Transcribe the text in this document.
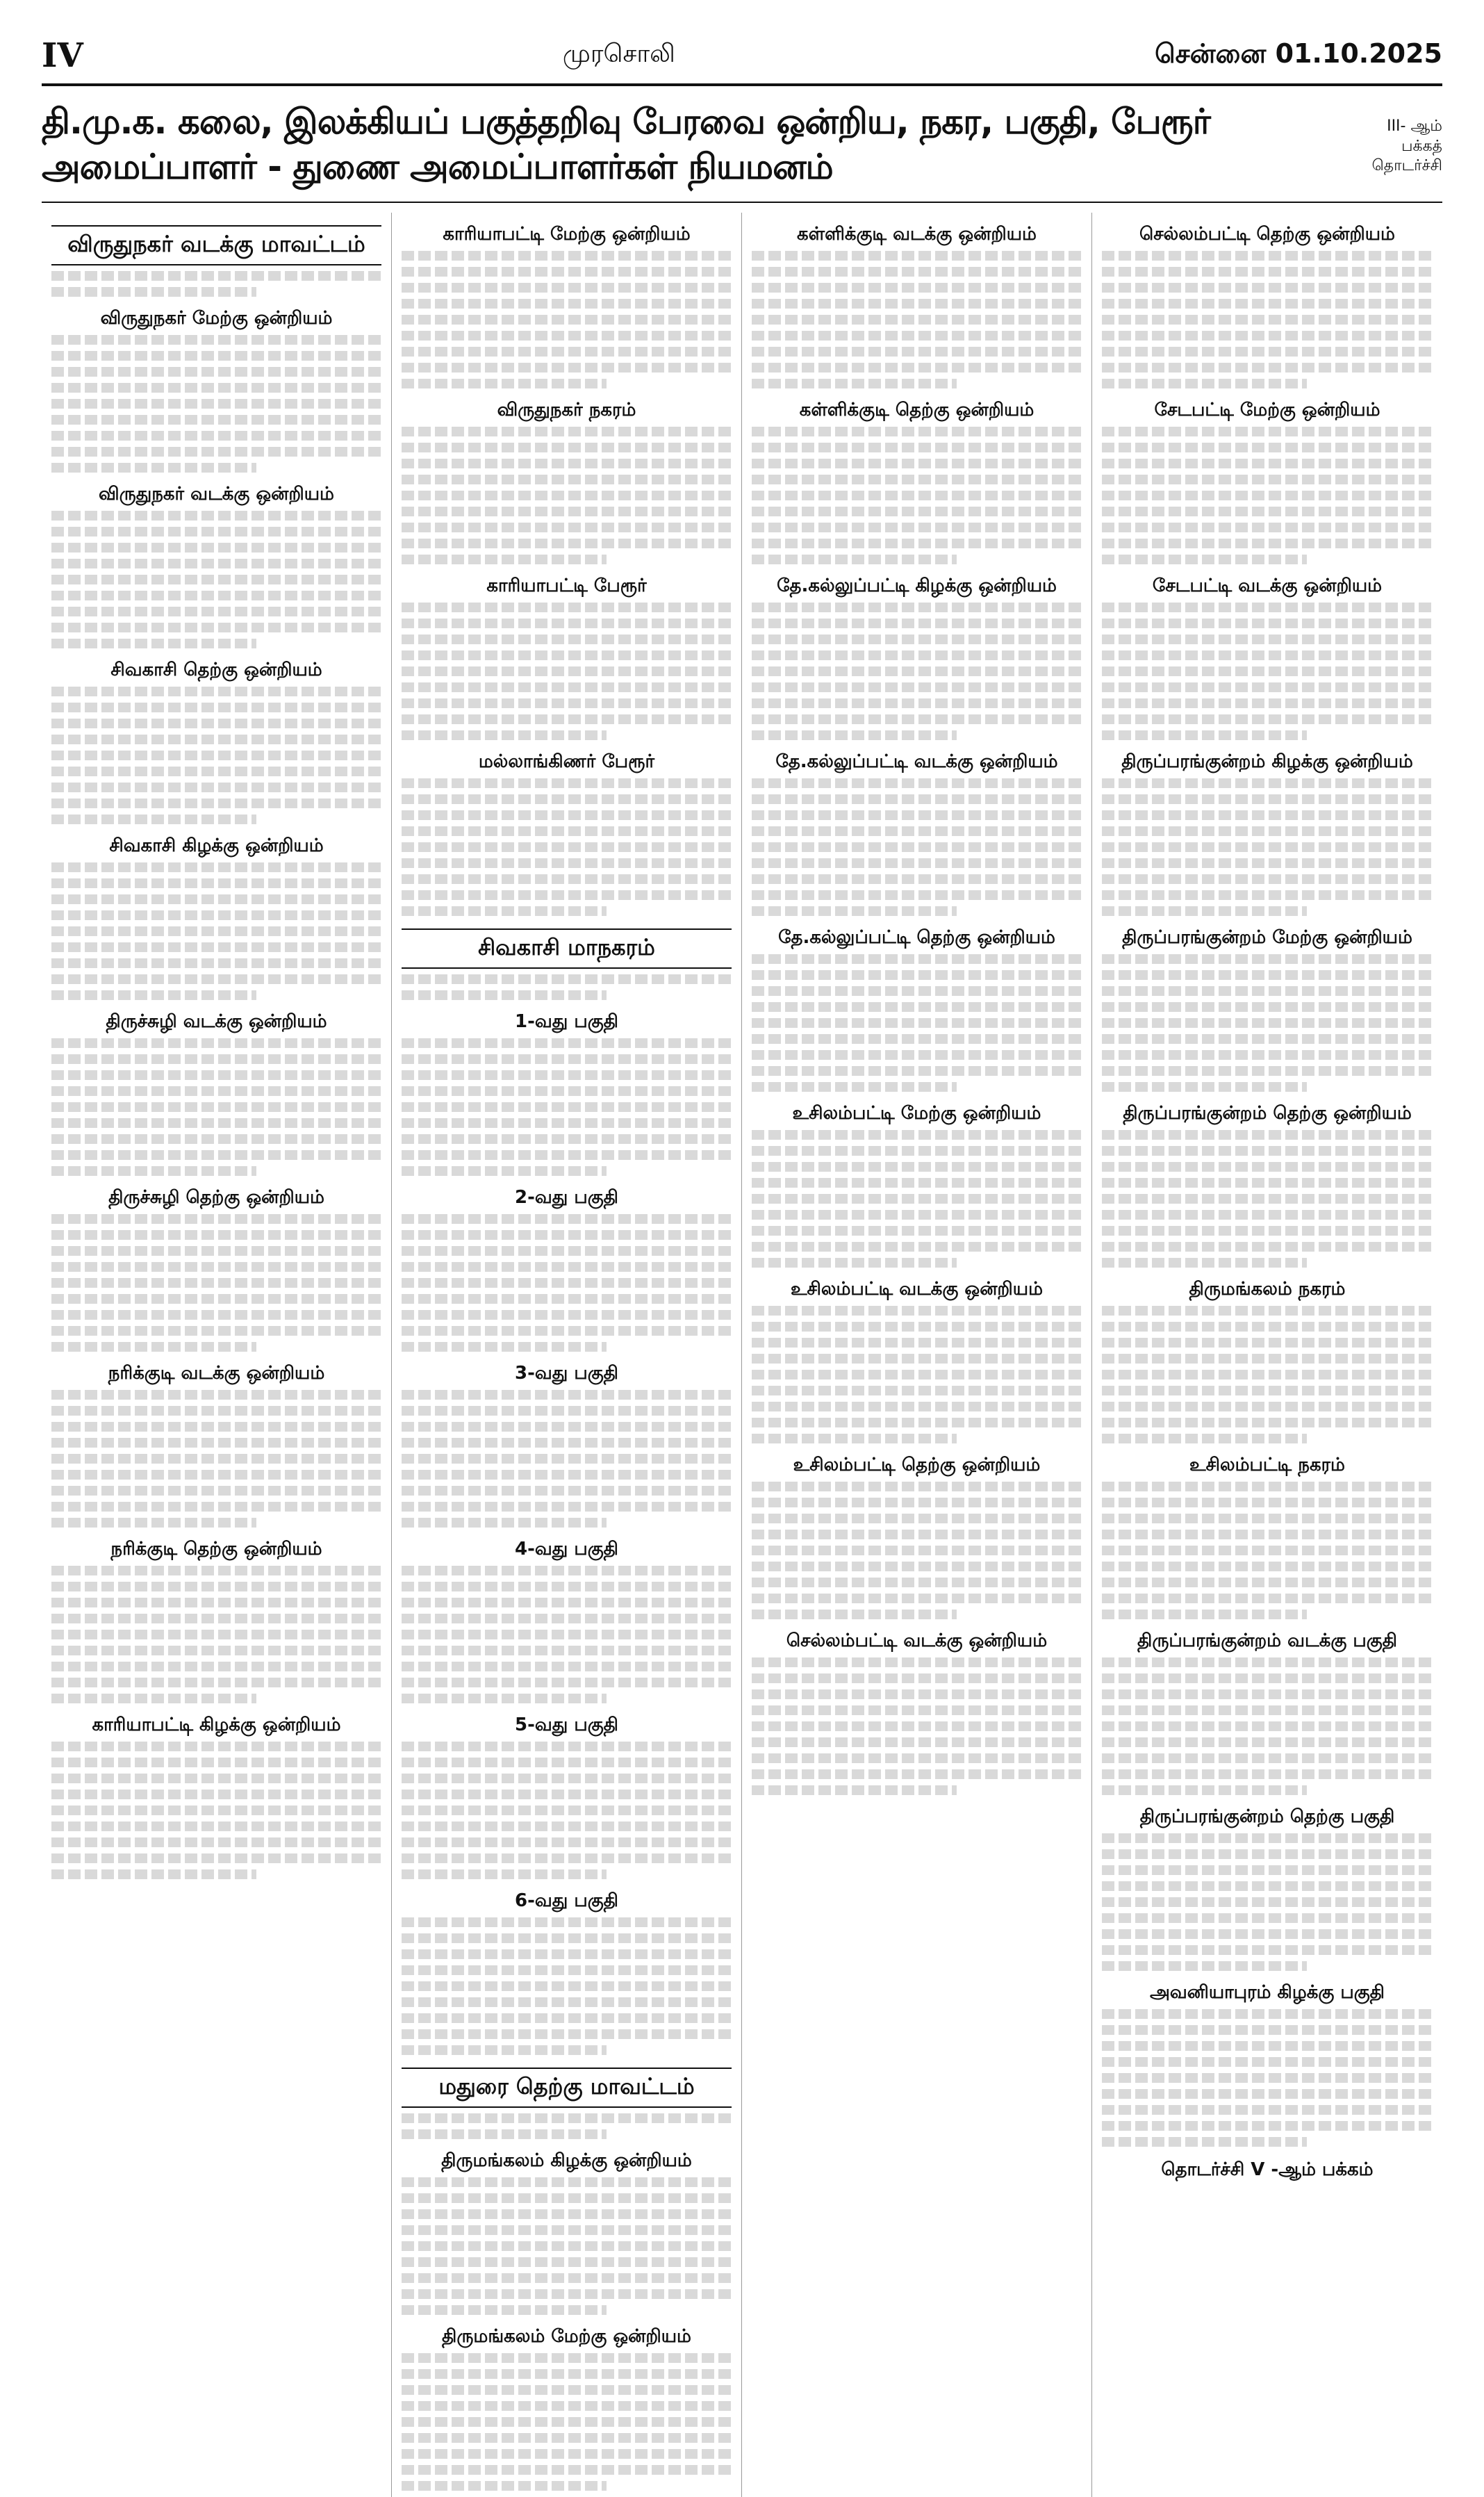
IV	முரசொலி	சென்னை 01.10.2025
தி.மு.க. கலை, இலக்கியப் பகுத்தறிவு பேரவை ஒன்றிய, நகர, பகுதி, பேரூர் அமைப்பாளர் - துணை அமைப்பாளர்கள் நியமனம்
III- ஆம் பக்கத் தொடர்ச்சி
விருதுநகர் வடக்கு மாவட்டம்
விருதுநகர் மேற்கு ஒன்றியம்
விருதுநகர் வடக்கு ஒன்றியம்
சிவகாசி தெற்கு ஒன்றியம்
சிவகாசி கிழக்கு ஒன்றியம்
திருச்சுழி வடக்கு ஒன்றியம்
திருச்சுழி தெற்கு ஒன்றியம்
நரிக்குடி வடக்கு ஒன்றியம்
நரிக்குடி தெற்கு ஒன்றியம்
காரியாபட்டி கிழக்கு ஒன்றியம்
காரியாபட்டி மேற்கு ஒன்றியம்
விருதுநகர் நகரம்
காரியாபட்டி பேரூர்
மல்லாங்கிணர் பேரூர்
சிவகாசி மாநகரம்
1-வது பகுதி
2-வது பகுதி
3-வது பகுதி
4-வது பகுதி
5-வது பகுதி
6-வது பகுதி
மதுரை தெற்கு மாவட்டம்
திருமங்கலம் கிழக்கு ஒன்றியம்
திருமங்கலம் மேற்கு ஒன்றியம்
கள்ளிக்குடி வடக்கு ஒன்றியம்
கள்ளிக்குடி தெற்கு ஒன்றியம்
தே.கல்லுப்பட்டி கிழக்கு ஒன்றியம்
தே.கல்லுப்பட்டி வடக்கு ஒன்றியம்
தே.கல்லுப்பட்டி தெற்கு ஒன்றியம்
உசிலம்பட்டி மேற்கு ஒன்றியம்
உசிலம்பட்டி வடக்கு ஒன்றியம்
உசிலம்பட்டி தெற்கு ஒன்றியம்
செல்லம்பட்டி வடக்கு ஒன்றியம்
செல்லம்பட்டி தெற்கு ஒன்றியம்
சேடபட்டி மேற்கு ஒன்றியம்
சேடபட்டி வடக்கு ஒன்றியம்
திருப்பரங்குன்றம் கிழக்கு ஒன்றியம்
திருப்பரங்குன்றம் மேற்கு ஒன்றியம்
திருப்பரங்குன்றம் தெற்கு ஒன்றியம்
திருமங்கலம் நகரம்
உசிலம்பட்டி நகரம்
திருப்பரங்குன்றம் வடக்கு பகுதி
திருப்பரங்குன்றம் தெற்கு பகுதி
அவனியாபுரம் கிழக்கு பகுதி
தொடர்ச்சி V -ஆம் பக்கம்
